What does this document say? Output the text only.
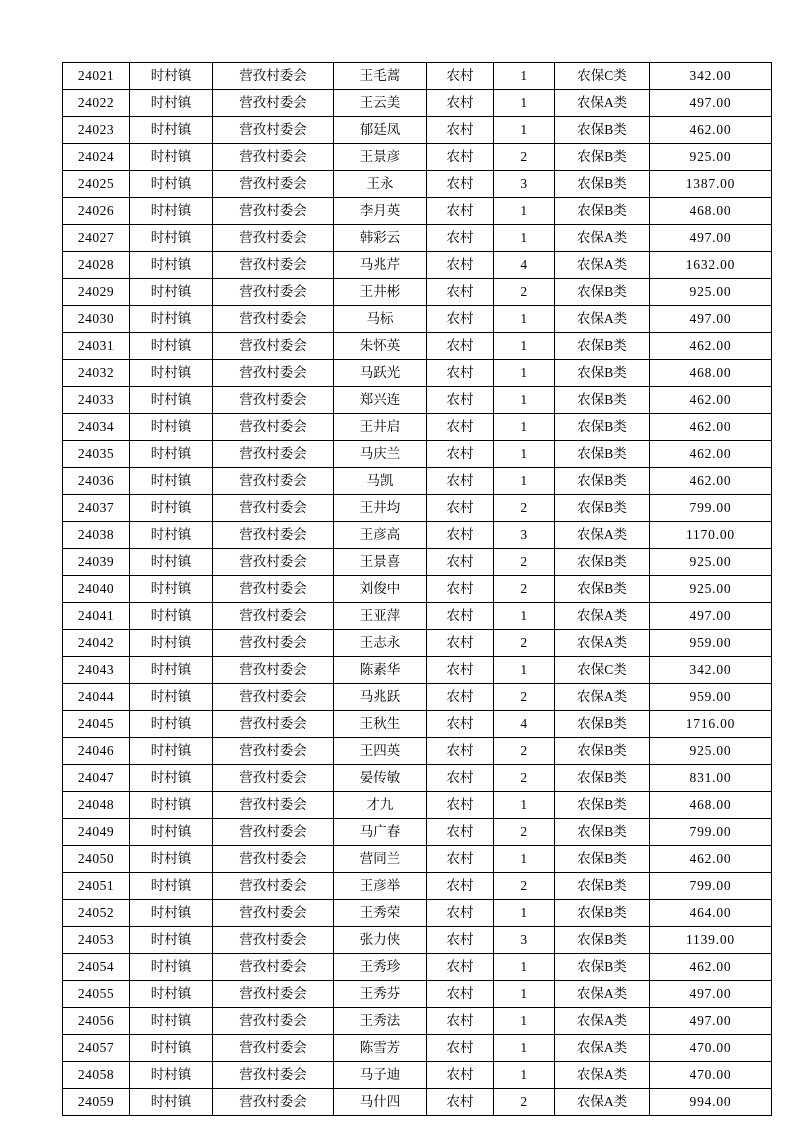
24021	时村镇	营孜村委会	王毛蒿	农村	1	农保C类	342.00
24022	时村镇	营孜村委会	王云美	农村	1	农保A类	497.00
24023	时村镇	营孜村委会	郁廷凤	农村	1	农保B类	462.00
24024	时村镇	营孜村委会	王景彦	农村	2	农保B类	925.00
24025	时村镇	营孜村委会	王永	农村	3	农保B类	1387.00
24026	时村镇	营孜村委会	李月英	农村	1	农保B类	468.00
24027	时村镇	营孜村委会	韩彩云	农村	1	农保A类	497.00
24028	时村镇	营孜村委会	马兆芹	农村	4	农保A类	1632.00
24029	时村镇	营孜村委会	王井彬	农村	2	农保B类	925.00
24030	时村镇	营孜村委会	马标	农村	1	农保A类	497.00
24031	时村镇	营孜村委会	朱怀英	农村	1	农保B类	462.00
24032	时村镇	营孜村委会	马跃光	农村	1	农保B类	468.00
24033	时村镇	营孜村委会	郑兴连	农村	1	农保B类	462.00
24034	时村镇	营孜村委会	王井启	农村	1	农保B类	462.00
24035	时村镇	营孜村委会	马庆兰	农村	1	农保B类	462.00
24036	时村镇	营孜村委会	马凯	农村	1	农保B类	462.00
24037	时村镇	营孜村委会	王井均	农村	2	农保B类	799.00
24038	时村镇	营孜村委会	王彦高	农村	3	农保A类	1170.00
24039	时村镇	营孜村委会	王景喜	农村	2	农保B类	925.00
24040	时村镇	营孜村委会	刘俊中	农村	2	农保B类	925.00
24041	时村镇	营孜村委会	王亚萍	农村	1	农保A类	497.00
24042	时村镇	营孜村委会	王志永	农村	2	农保A类	959.00
24043	时村镇	营孜村委会	陈素华	农村	1	农保C类	342.00
24044	时村镇	营孜村委会	马兆跃	农村	2	农保A类	959.00
24045	时村镇	营孜村委会	王秋生	农村	4	农保B类	1716.00
24046	时村镇	营孜村委会	王四英	农村	2	农保B类	925.00
24047	时村镇	营孜村委会	晏传敏	农村	2	农保B类	831.00
24048	时村镇	营孜村委会	才九	农村	1	农保B类	468.00
24049	时村镇	营孜村委会	马广春	农村	2	农保B类	799.00
24050	时村镇	营孜村委会	营同兰	农村	1	农保B类	462.00
24051	时村镇	营孜村委会	王彦举	农村	2	农保B类	799.00
24052	时村镇	营孜村委会	王秀荣	农村	1	农保B类	464.00
24053	时村镇	营孜村委会	张力侠	农村	3	农保B类	1139.00
24054	时村镇	营孜村委会	王秀珍	农村	1	农保B类	462.00
24055	时村镇	营孜村委会	王秀芬	农村	1	农保A类	497.00
24056	时村镇	营孜村委会	王秀法	农村	1	农保A类	497.00
24057	时村镇	营孜村委会	陈雪芳	农村	1	农保A类	470.00
24058	时村镇	营孜村委会	马子迪	农村	1	农保A类	470.00
24059	时村镇	营孜村委会	马什四	农村	2	农保A类	994.00
